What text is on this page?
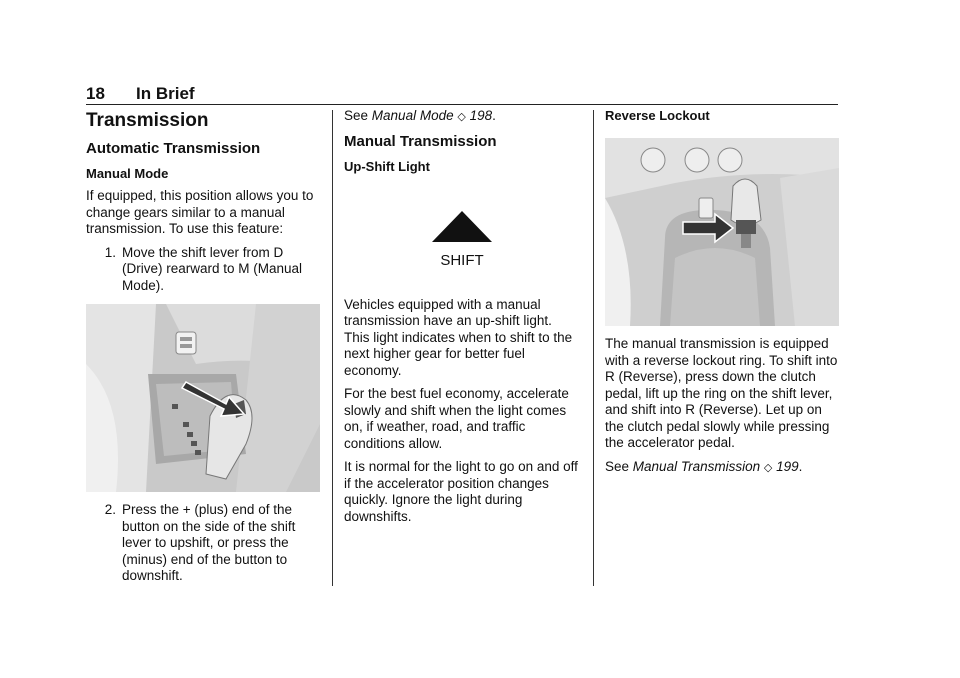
18 In Brief
Transmission
Automatic Transmission
Manual Mode

If equipped, this position allows you to change gears similar to a manual transmission. To use this feature:

1. Move the shift lever from D (Drive) rearward to M (Manual Mode).
2. Press the + (plus) end of the button on the side of the shift lever to upshift, or press the (minus) end of the button to downshift.

See Manual Mode ◇ 198.

Manual Transmission
Up-Shift Light
SHIFT

Vehicles equipped with a manual transmission have an up-shift light. This light indicates when to shift to the next higher gear for better fuel economy.

For the best fuel economy, accelerate slowly and shift when the light comes on, if weather, road, and traffic conditions allow.

It is normal for the light to go on and off if the accelerator position changes quickly. Ignore the light during downshifts.

Reverse Lockout

The manual transmission is equipped with a reverse lockout ring. To shift into R (Reverse), press down the clutch pedal, lift up the ring on the shift lever, and shift into R (Reverse). Let up on the clutch pedal slowly while pressing the accelerator pedal.

See Manual Transmission ◇ 199.
